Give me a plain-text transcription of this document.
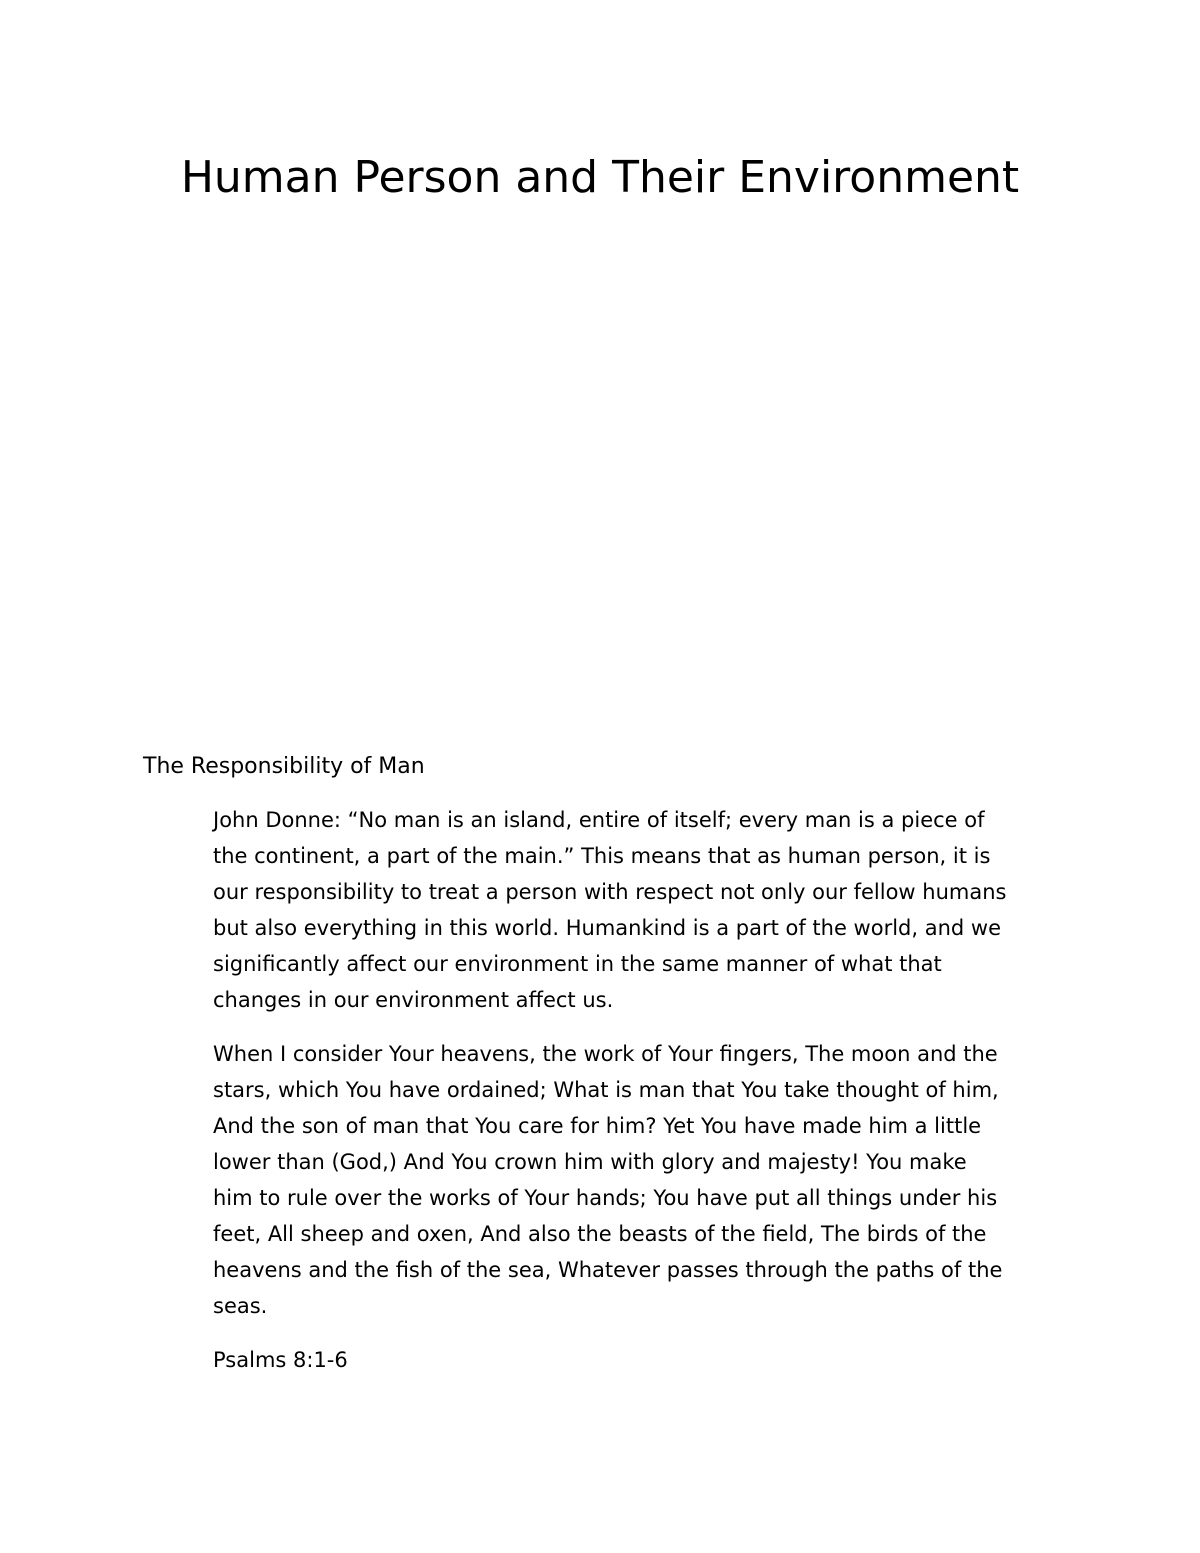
Human Person and Their Environment
The Responsibility of Man

John Donne: “No man is an island, entire of itself; every man is a piece of
the continent, a part of the main.” This means that as human person, it is
our responsibility to treat a person with respect not only our fellow humans
but also everything in this world. Humankind is a part of the world, and we
significantly affect our environment in the same manner of what that
changes in our environment affect us.

When I consider Your heavens, the work of Your fingers, The moon and the
stars, which You have ordained; What is man that You take thought of him,
And the son of man that You care for him? Yet You have made him a little
lower than (God,) And You crown him with glory and majesty! You make
him to rule over the works of Your hands; You have put all things under his
feet, All sheep and oxen, And also the beasts of the field, The birds of the
heavens and the fish of the sea, Whatever passes through the paths of the
seas.

Psalms 8:1-6
